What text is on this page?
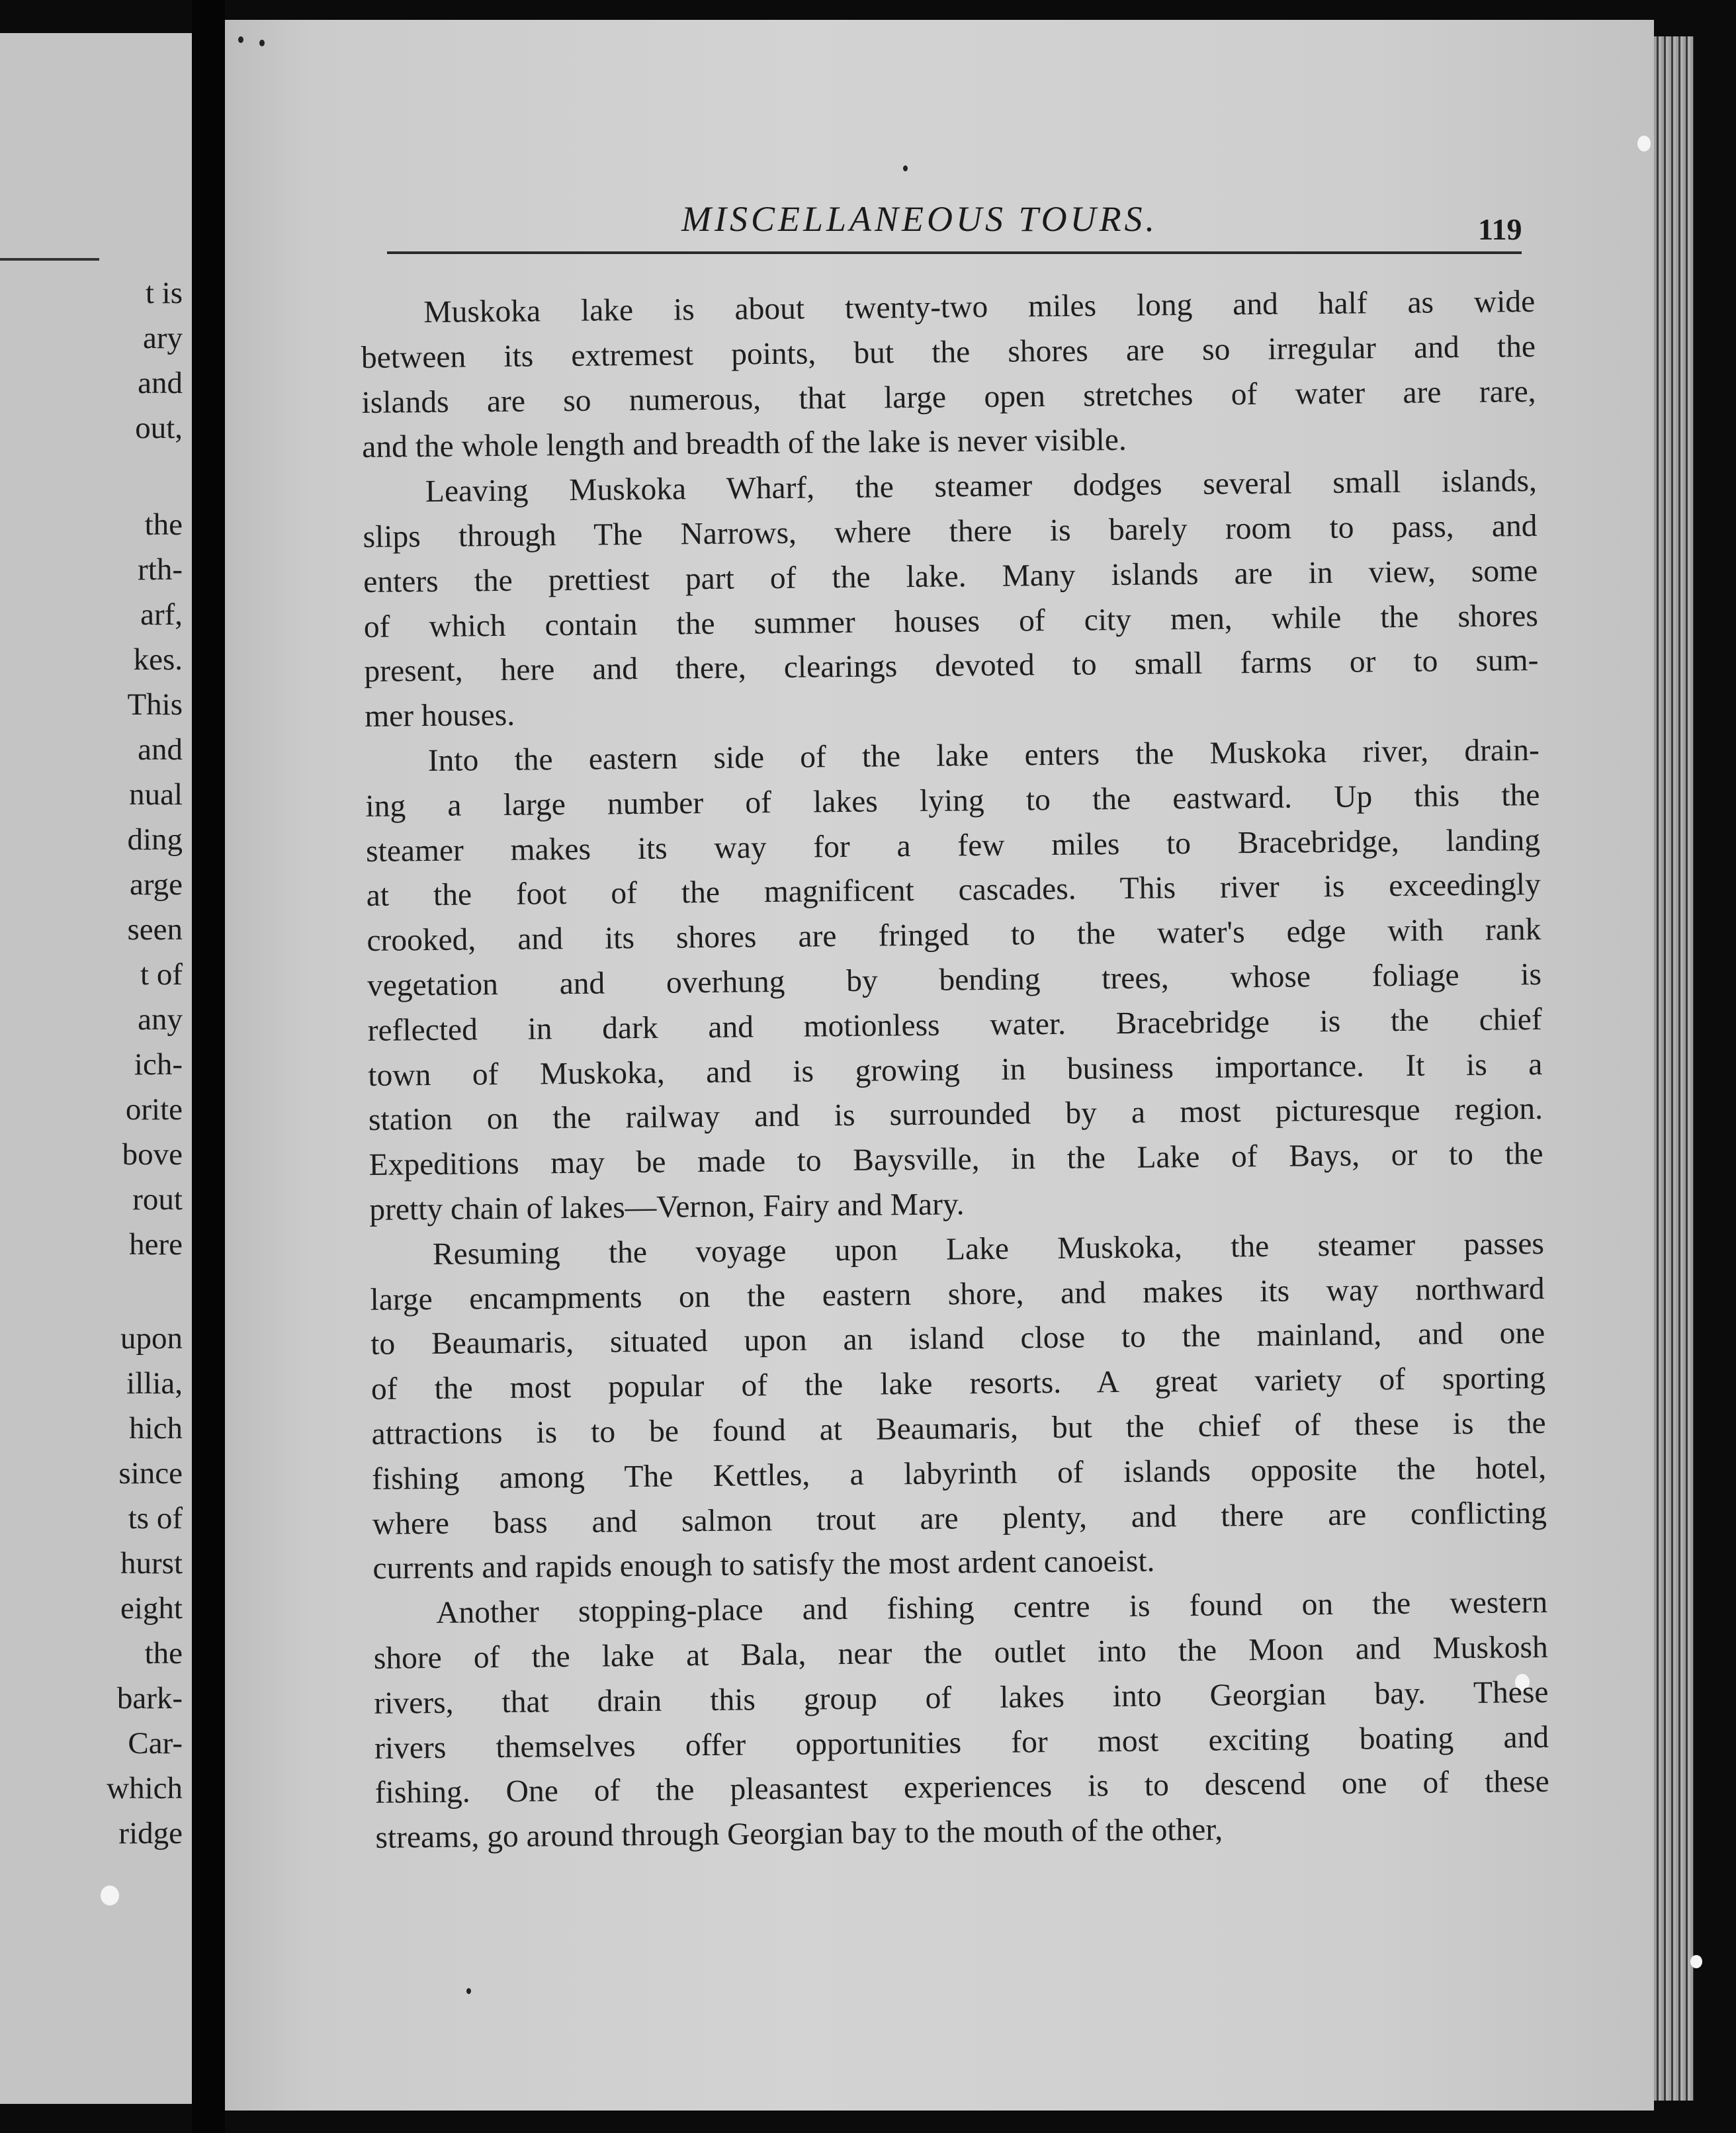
t is
ary
and
out,
the
rth-
arf,
kes.
This
and
nual
ding
arge
seen
t of
any
ich-
orite
bove
rout
here
upon
illia,
hich
since
ts of
hurst
eight
the
bark-
Car-
which
ridge
MISCELLANEOUS TOURS.	119
Muskoka lake is about twenty-two miles long and half as wide
between its extremest points, but the shores are so irregular and the
islands are so numerous, that large open stretches of water are rare,
and the whole length and breadth of the lake is never visible.
Leaving Muskoka Wharf, the steamer dodges several small islands,
slips through The Narrows, where there is barely room to pass, and
enters the prettiest part of the lake. Many islands are in view, some
of which contain the summer houses of city men, while the shores
present, here and there, clearings devoted to small farms or to sum-
mer houses.
Into the eastern side of the lake enters the Muskoka river, drain-
ing a large number of lakes lying to the eastward. Up this the
steamer makes its way for a few miles to Bracebridge, landing
at the foot of the magnificent cascades. This river is exceedingly
crooked, and its shores are fringed to the water's edge with rank
vegetation and overhung by bending trees, whose foliage is
reflected in dark and motionless water. Bracebridge is the chief
town of Muskoka, and is growing in business importance. It is a
station on the railway and is surrounded by a most picturesque region.
Expeditions may be made to Baysville, in the Lake of Bays, or to the
pretty chain of lakes—Vernon, Fairy and Mary.
Resuming the voyage upon Lake Muskoka, the steamer passes
large encampments on the eastern shore, and makes its way northward
to Beaumaris, situated upon an island close to the mainland, and one
of the most popular of the lake resorts. A great variety of sporting
attractions is to be found at Beaumaris, but the chief of these is the
fishing among The Kettles, a labyrinth of islands opposite the hotel,
where bass and salmon trout are plenty, and there are conflicting
currents and rapids enough to satisfy the most ardent canoeist.
Another stopping-place and fishing centre is found on the western
shore of the lake at Bala, near the outlet into the Moon and Muskosh
rivers, that drain this group of lakes into Georgian bay. These
rivers themselves offer opportunities for most exciting boating and
fishing. One of the pleasantest experiences is to descend one of these
streams, go around through Georgian bay to the mouth of the other,
